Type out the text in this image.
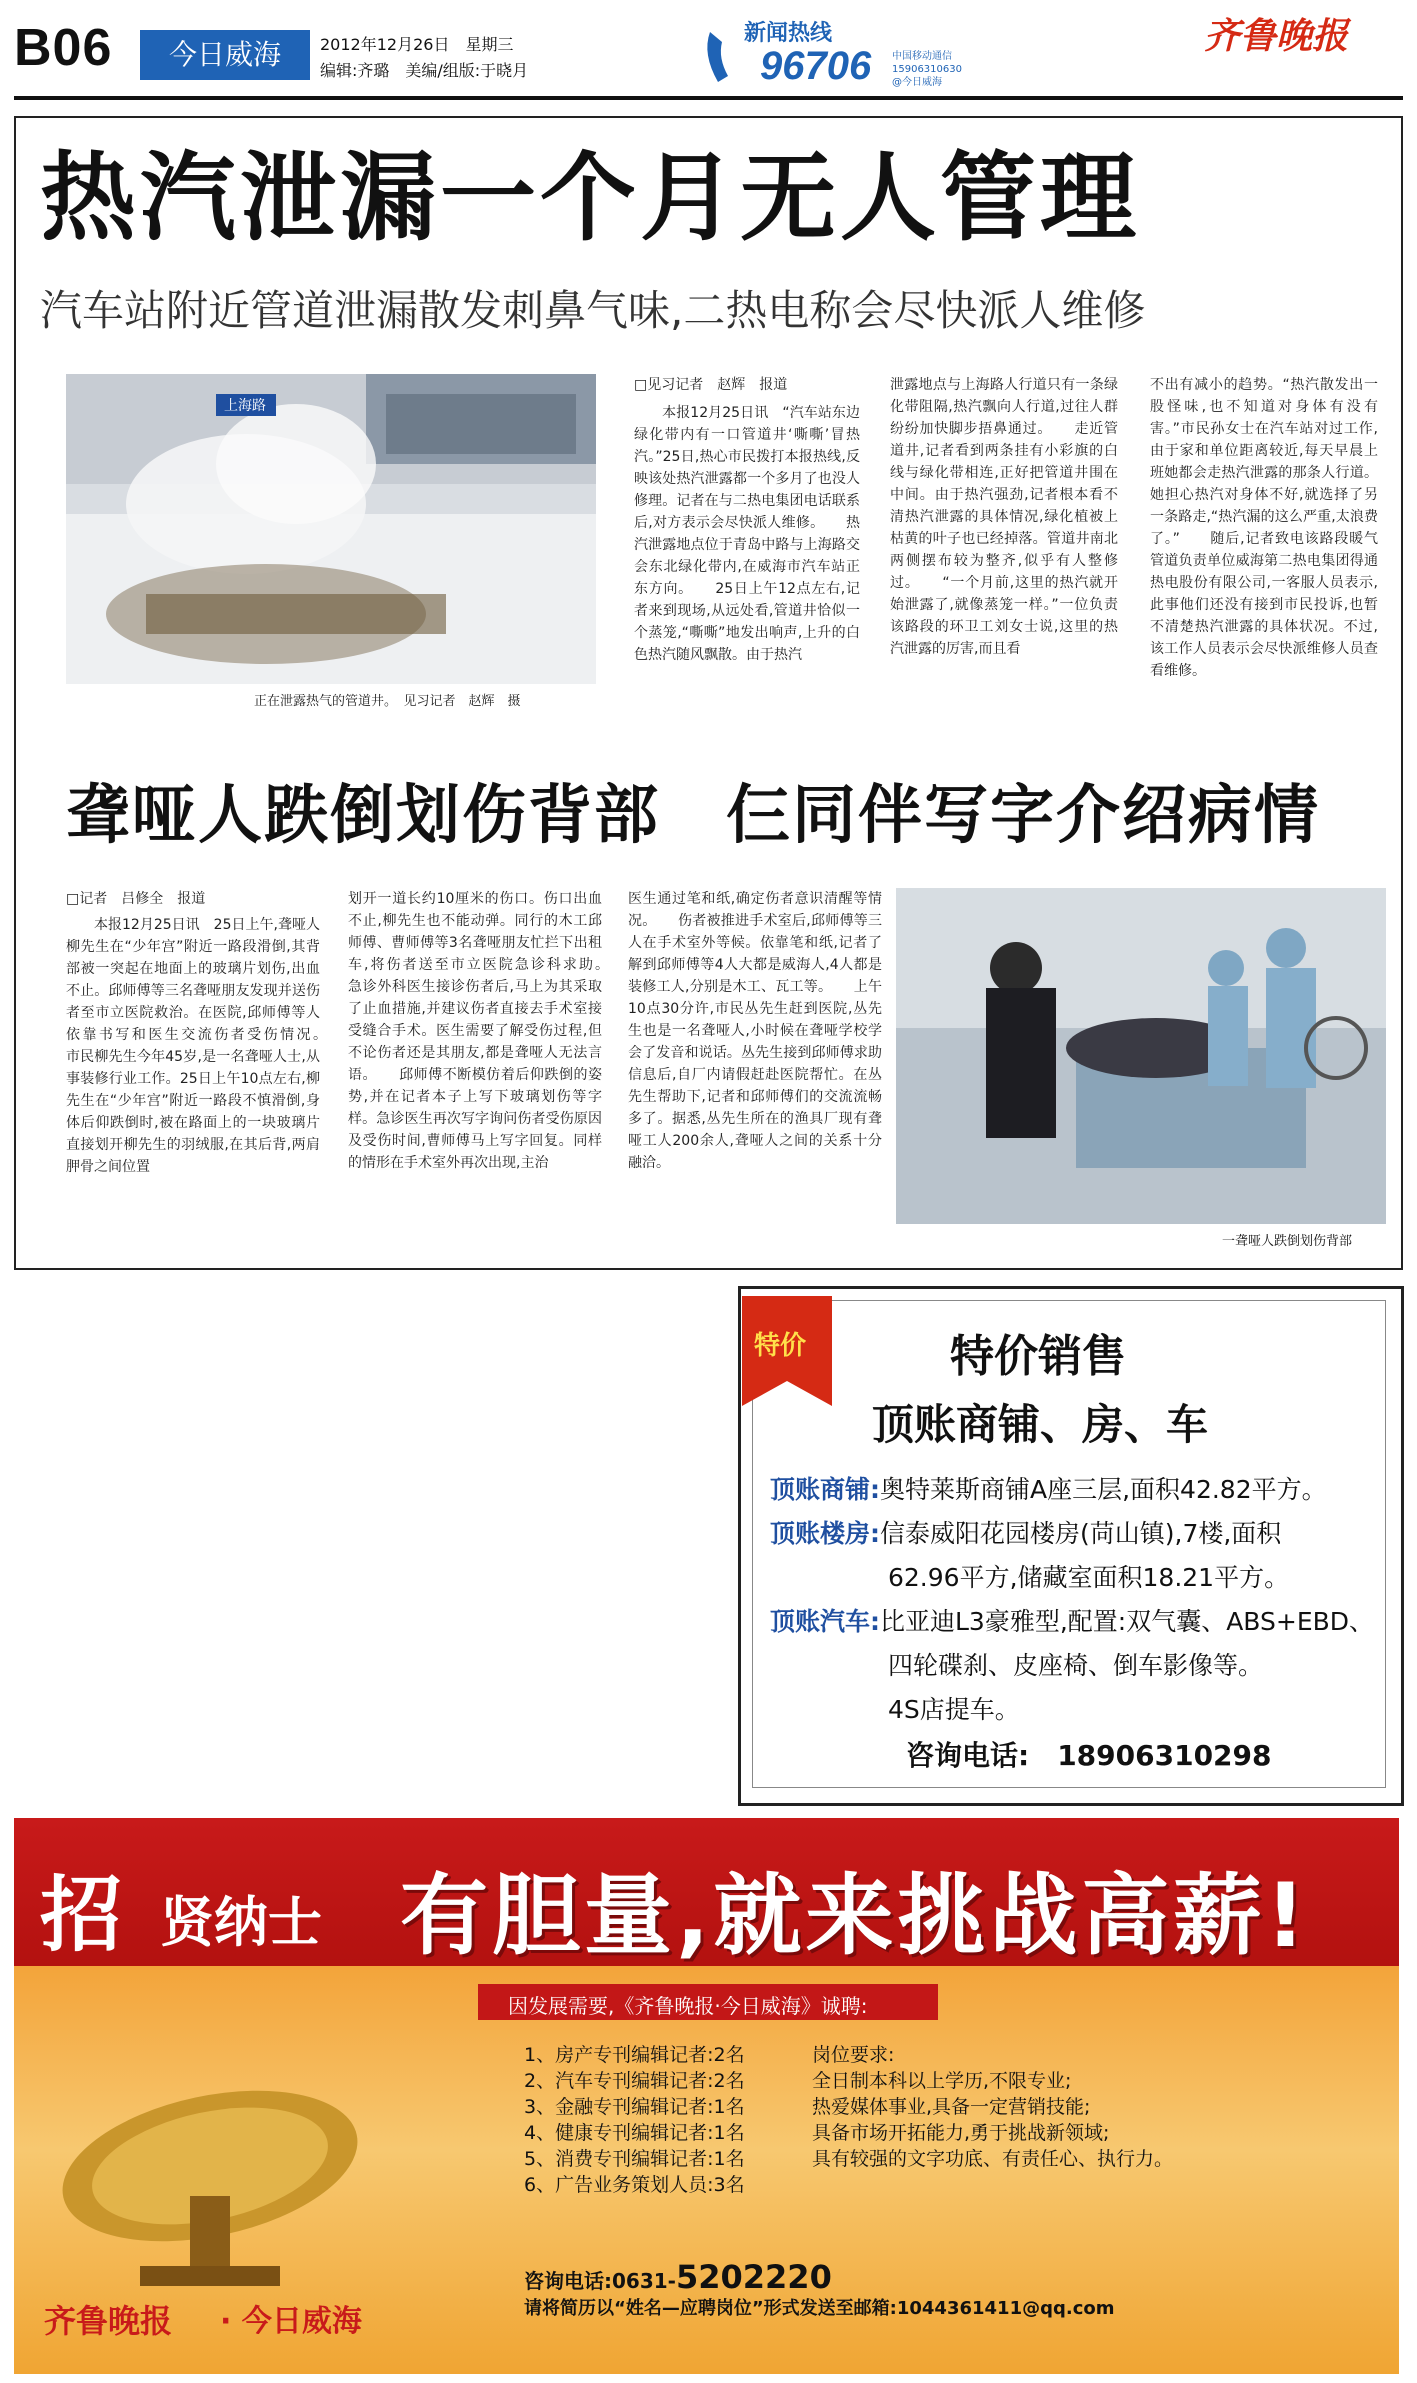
B06	今日威海	2012年12月26日　星期三
编辑:齐璐　美编/组版:于晓月
新闻热线
96706 中国移动通信
15906310630
@今日威海
齐鲁晚报
热汽泄漏一个月无人管理
汽车站附近管道泄漏散发刺鼻气味,二热电称会尽快派人维修
上海路
正在泄露热气的管道井。　见习记者　赵辉　摄
□见习记者　赵辉　报道
　　本报12月25日讯　“汽车站东边绿化带内有一口管道井‘嘶嘶’冒热汽。”25日,热心市民拨打本报热线,反映该处热汽泄露都一个多月了也没人修理。记者在与二热电集团电话联系后,对方表示会尽快派人维修。　　热汽泄露地点位于青岛中路与上海路交会东北绿化带内,在威海市汽车站正东方向。　　25日上午12点左右,记者来到现场,从远处看,管道井恰似一个蒸笼,“嘶嘶”地发出响声,上升的白色热汽随风飘散。由于热汽
泄露地点与上海路人行道只有一条绿化带阻隔,热汽飘向人行道,过往人群纷纷加快脚步捂鼻通过。　　走近管道井,记者看到两条挂有小彩旗的白线与绿化带相连,正好把管道井围在中间。由于热汽强劲,记者根本看不清热汽泄露的具体情况,绿化植被上枯黄的叶子也已经掉落。管道井南北两侧摆布较为整齐,似乎有人整修过。　　“一个月前,这里的热汽就开始泄露了,就像蒸笼一样。”一位负责该路段的环卫工刘女士说,这里的热汽泄露的厉害,而且看
不出有减小的趋势。“热汽散发出一股怪味,也不知道对身体有没有害。”市民孙女士在汽车站对过工作,由于家和单位距离较近,每天早晨上班她都会走热汽泄露的那条人行道。她担心热汽对身体不好,就选择了另一条路走,“热汽漏的这么严重,太浪费了。”　　随后,记者致电该路段暖气管道负责单位威海第二热电集团得通热电股份有限公司,一客服人员表示,此事他们还没有接到市民投诉,也暂不清楚热汽泄露的具体状况。不过,该工作人员表示会尽快派维修人员查看维修。
聋哑人跌倒划伤背部　仨同伴写字介绍病情
□记者　吕修全　报道
　　本报12月25日讯　25日上午,聋哑人柳先生在“少年宫”附近一路段滑倒,其背部被一突起在地面上的玻璃片划伤,出血不止。邱师傅等三名聋哑朋友发现并送伤者至市立医院救治。在医院,邱师傅等人依靠书写和医生交流伤者受伤情况。　　市民柳先生今年45岁,是一名聋哑人士,从事装修行业工作。25日上午10点左右,柳先生在“少年宫”附近一路段不慎滑倒,身体后仰跌倒时,被在路面上的一块玻璃片直接划开柳先生的羽绒服,在其后背,两肩胛骨之间位置
划开一道长约10厘米的伤口。伤口出血不止,柳先生也不能动弹。同行的木工邱师傅、曹师傅等3名聋哑朋友忙拦下出租车,将伤者送至市立医院急诊科求助。　　急诊外科医生接诊伤者后,马上为其采取了止血措施,并建议伤者直接去手术室接受缝合手术。医生需要了解受伤过程,但不论伤者还是其朋友,都是聋哑人无法言语。　　邱师傅不断模仿着后仰跌倒的姿势,并在记者本子上写下玻璃划伤等字样。急诊医生再次写字询问伤者受伤原因及受伤时间,曹师傅马上写字回复。同样的情形在手术室外再次出现,主治
医生通过笔和纸,确定伤者意识清醒等情况。　　伤者被推进手术室后,邱师傅等三人在手术室外等候。依靠笔和纸,记者了解到邱师傅等4人大都是威海人,4人都是装修工人,分别是木工、瓦工等。　　上午10点30分许,市民丛先生赶到医院,丛先生也是一名聋哑人,小时候在聋哑学校学会了发音和说话。丛先生接到邱师傅求助信息后,自厂内请假赶赴医院帮忙。在丛先生帮助下,记者和邱师傅们的交流流畅多了。据悉,丛先生所在的渔具厂现有聋哑工人200余人,聋哑人之间的关系十分融洽。
一聋哑人跌倒划伤背部
特价	特价销售
顶账商铺、房、车
顶账商铺:奥特莱斯商铺A座三层,面积42.82平方。
顶账楼房:信泰威阳花园楼房(苘山镇),7楼,面积
62.96平方,储藏室面积18.21平方。
顶账汽车:比亚迪L3豪雅型,配置:双气囊、ABS+EBD、
四轮碟刹、皮座椅、倒车影像等。
4S店提车。
咨询电话:　18906310298
招 贤纳士 有胆量,就来挑战高薪!
因发展需要,《齐鲁晚报·今日威海》诚聘:
1、房产专刊编辑记者:2名
2、汽车专刊编辑记者:2名
3、金融专刊编辑记者:1名
4、健康专刊编辑记者:1名
5、消费专刊编辑记者:1名
6、广告业务策划人员:3名
岗位要求:
全日制本科以上学历,不限专业;
热爱媒体事业,具备一定营销技能;
具备市场开拓能力,勇于挑战新领域;
具有较强的文字功底、有责任心、执行力。
咨询电话:0631-5202220
请将简历以“姓名—应聘岗位”形式发送至邮箱:1044361411@qq.com
齐鲁晚报 · 今日威海
